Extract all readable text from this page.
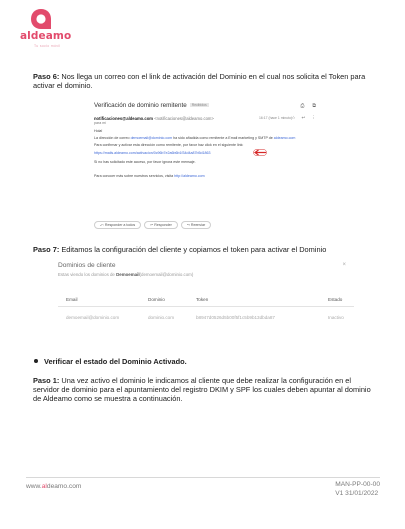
aldeamo
Tu socio móvil

Paso 6: Nos llega un correo con el link de activación del Dominio en el cual nos solicita el Token para activar el dominio.

Verificación de dominio remitente Recibidos	⎙ ⧉
notificaciones@aldeamo.com <notificaciones@aldeamo.com>
para mí
16:17 (hace 1 minuto) ☆ ↩ ⋮
Hola!
La dirección de correo demoemail@dominio.com ha sido añadida como remitente a Email marketing y SMTP de aldeamo.com
Para confirmar y activar esta dirección como remitente, por favor haz click en el siguiente link:
https://mails.aldeamo.com/activacion/0c96b7e2a6b6b1f34d4a87b5d1863
Si no has solicitado este acceso, por favor ignora este mensaje.
Para conocer más sobre nuestros servicios, visita http://aldeamo.com
⤺ Responder a todos	↩ Responder	↪ Reenviar

Paso 7: Editamos la configuración del cliente y copiamos el token para activar el Dominio

Dominios de cliente	×
Estas viendo los dominios de Demoemail(demoemail@dominio.com)
Email	Dominio	Token	Estado
demoemail@dominio.com	dominio.com	b8947d0526d5b00f5f1c5b9b13dbda87	Inactivo
Verificar el estado del Dominio Activado.

Paso 1: Una vez activo el dominio le indicamos al cliente que debe realizar la configuración en el servidor de dominio para el apuntamiento del registro DKIM y SPF los cuales deben apuntar al dominio de Aldeamo como se muestra a continuación.

www.aldeamo.com	MAN-PP-00-00
V1 31/01/2022
